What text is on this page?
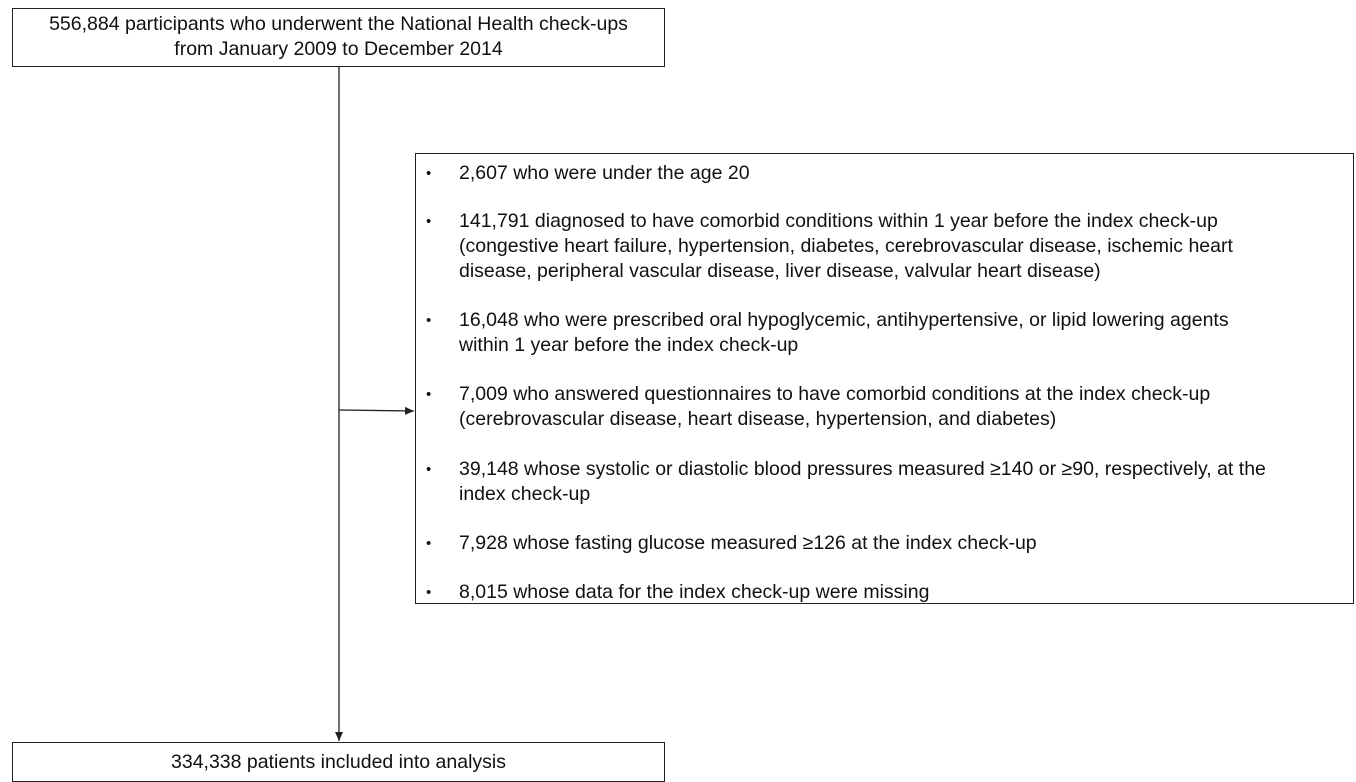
556,884 participants who underwent the National Health check-ups
from January 2009 to December 2014
• 2,607 who were under the age 20
• 141,791 diagnosed to have comorbid conditions within 1 year before the index check-up
(congestive heart failure, hypertension, diabetes, cerebrovascular disease, ischemic heart
disease, peripheral vascular disease, liver disease, valvular heart disease)
• 16,048 who were prescribed oral hypoglycemic, antihypertensive, or lipid lowering agents
within 1 year before the index check-up
• 7,009 who answered questionnaires to have comorbid conditions at the index check-up
(cerebrovascular disease, heart disease, hypertension, and diabetes)
• 39,148 whose systolic or diastolic blood pressures measured ≥140 or ≥90, respectively, at the
index check-up
• 7,928 whose fasting glucose measured ≥126 at the index check-up
• 8,015 whose data for the index check-up were missing
334,338 patients included into analysis
